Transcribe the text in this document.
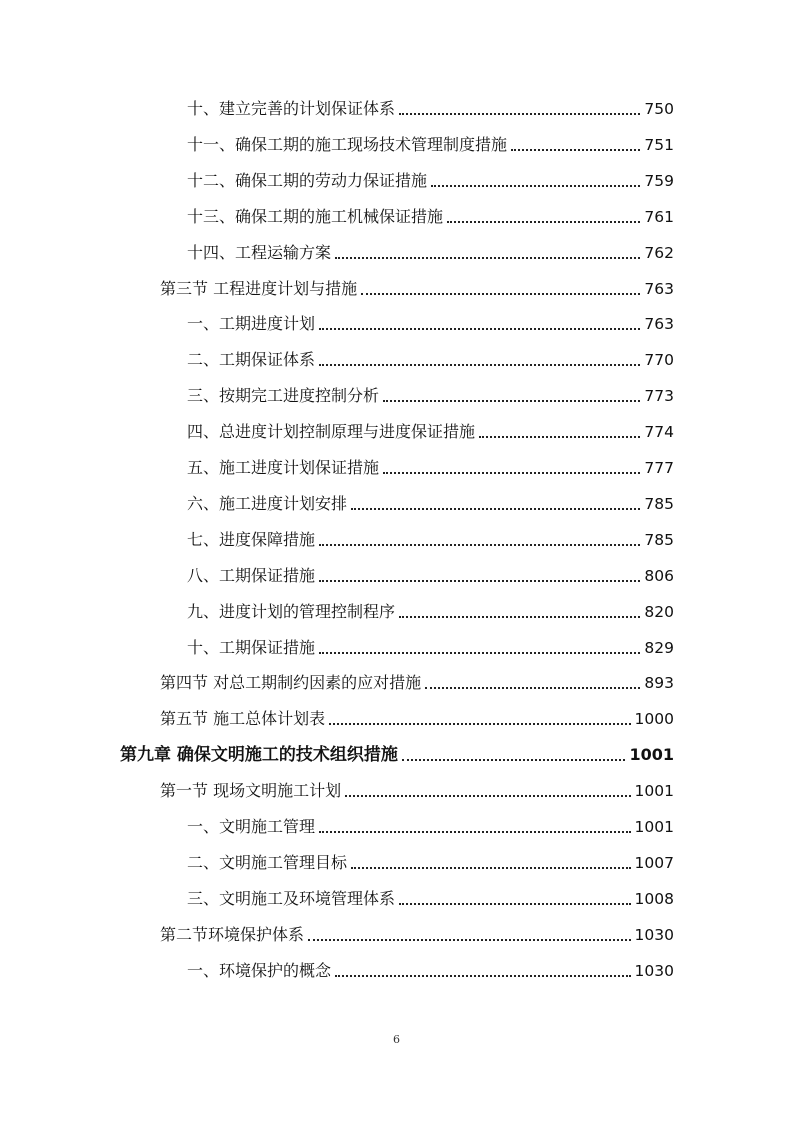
十、建立完善的计划保证体系	750
十一、确保工期的施工现场技术管理制度措施	751
十二、确保工期的劳动力保证措施	759
十三、确保工期的施工机械保证措施	761
十四、工程运输方案	762
第三节 工程进度计划与措施	763
一、工期进度计划	763
二、工期保证体系	770
三、按期完工进度控制分析	773
四、总进度计划控制原理与进度保证措施	774
五、施工进度计划保证措施	777
六、施工进度计划安排	785
七、进度保障措施	785
八、工期保证措施	806
九、进度计划的管理控制程序	820
十、工期保证措施	829
第四节 对总工期制约因素的应对措施	893
第五节 施工总体计划表	1000
第九章 确保文明施工的技术组织措施	1001
第一节 现场文明施工计划	1001
一、文明施工管理	1001
二、文明施工管理目标	1007
三、文明施工及环境管理体系	1008
第二节环境保护体系	1030
一、环境保护的概念	1030
6
